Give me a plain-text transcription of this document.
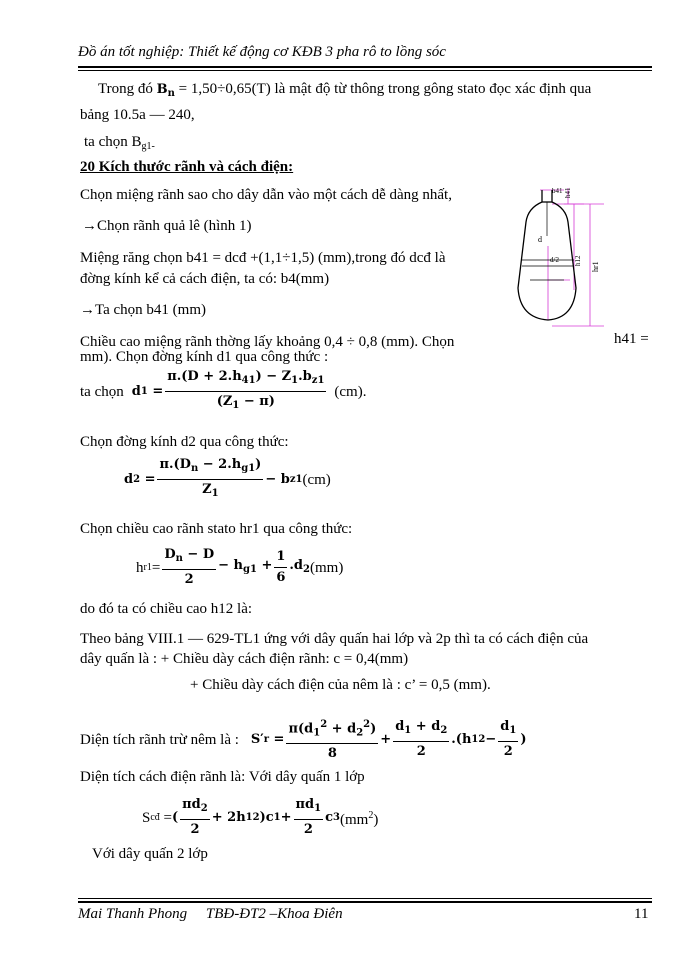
Đồ án tốt nghiệp: Thiết kế động cơ KĐB 3 pha rô to lồng sóc
Trong đó $B_n = 1,50\div 0,65(T)$ là mật độ từ thông trong gông stato đọc xác định qua
bảng 10.5a — 240,
ta chọn $B_{g1-}$
20 Kích thước rãnh và cách điện:
Chọn miệng rãnh sao cho dây dẫn vào một cách dễ dàng nhất,
→Chọn rãnh quả lê (hình 1)
Miệng răng chọn b41 = dcđ +(1,1÷1,5) (mm),trong đó dcđ là
đờng kính kể cả cách điện, ta có: b4(mm)
→Ta chọn b41 (mm)
Chiều cao miệng rãnh thờng lấy khoảng 0,4 ÷ 0,8 (mm). Chọn
mm). Chọn đờng kính d1 qua công thức :
h41 =
b41 h41
d
d/2 h12
hr1
ta chọn d $1 = \frac{\pi.(D + 2.h_{41}) - Z_1.b_{z1}}{(Z_1 - \pi)} (cm)$.
Chọn đờng kính d2 qua công thức:
d $2 = \frac{\pi.(D_n - 2.h_{g1})}{Z_1} - b$ z1 (cm)
Chọn chiều cao rãnh stato hr1 qua công thức:
h $r1 = \frac{D_n - D}{2} - h_{g1} + \frac{1}{6} .d_2$ (mm)
do đó ta có chiều cao h12 là:
Theo bảng VIII.1 — 629-TL1 ứng với dây quấn hai lớp và 2p thì ta có cách điện của
dây quấn là : + Chiều dày cách điện rãnh: c = 0,4(mm)
+ Chiều dày cách điện của nêm là : c’ = 0,5 (mm).
Diện tích rãnh trừ nêm là : S′ $r = \frac{\pi(d_1^2 + d_2^2)}{8} + \frac{d_1 + d_2}{2} .(h$ $12 - \frac{d_1}{2}$ )
Diện tích cách điện rãnh là: Với dây quấn 1 lớp
S cđ = ( $\frac{\pi d_2}{2} + 2h$ 12 )c $1 + \frac{\pi d_1}{2}$ c 3 $(mm^2)$
Với dây quấn 2 lớp
Mai Thanh Phong TBĐ-ĐT2 –Khoa Điên	11
